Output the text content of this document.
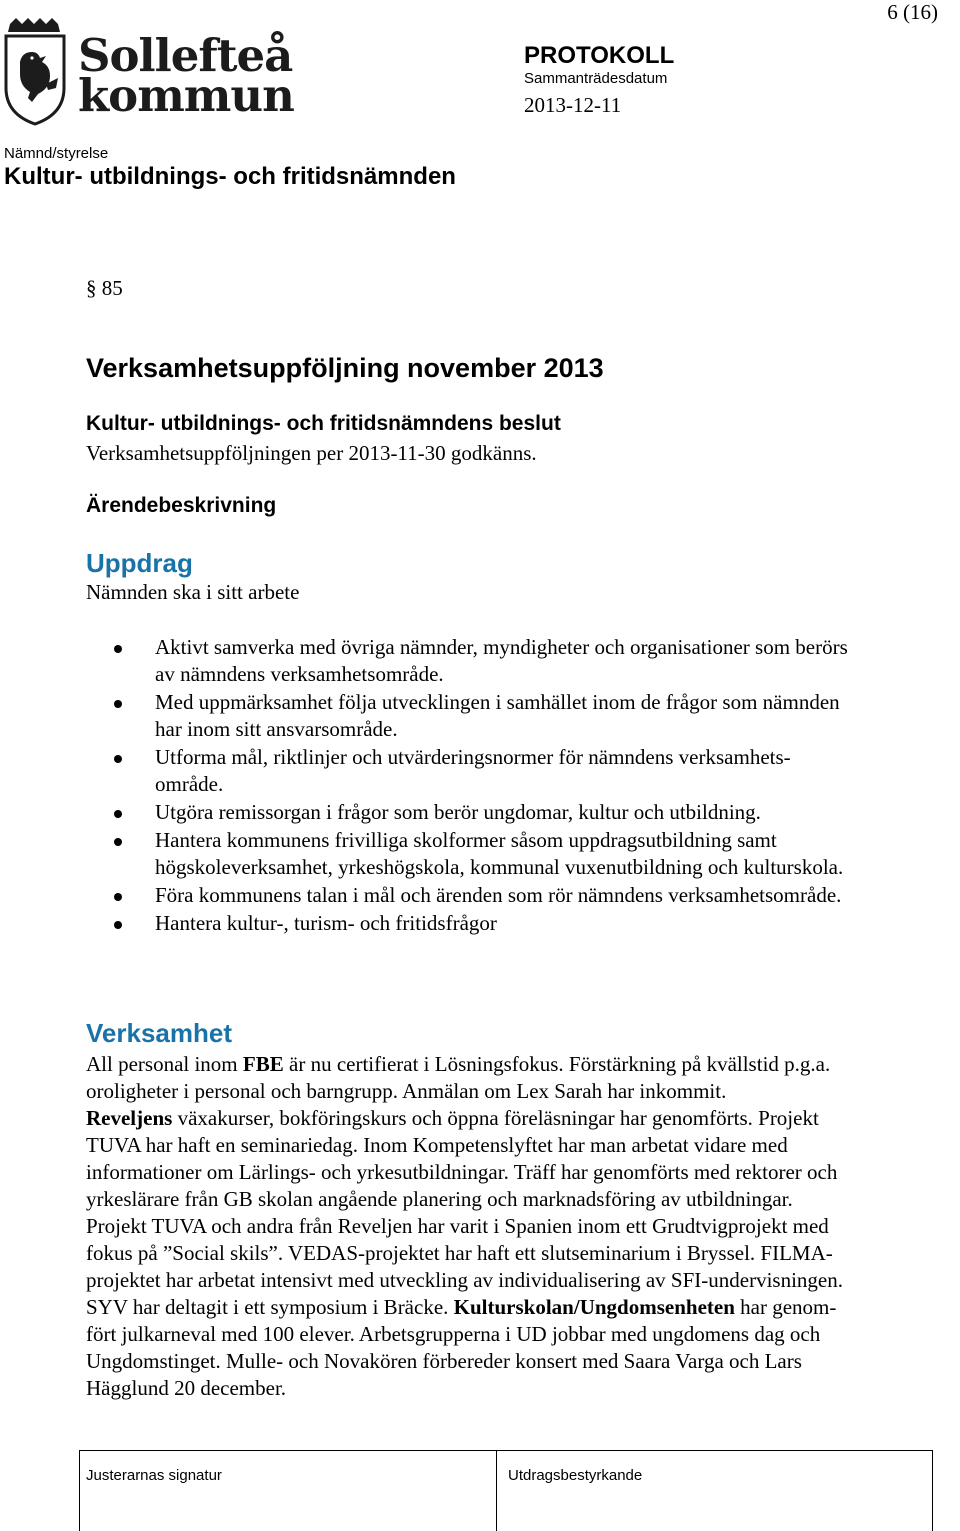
6 (16)
Sollefteå
kommun
PROTOKOLL
Sammanträdesdatum
2013-12-11
Nämnd/styrelse
Kultur- utbildnings- och fritidsnämnden
§ 85
Verksamhetsuppföljning november 2013
Kultur- utbildnings- och fritidsnämndens beslut
Verksamhetsuppföljningen per 2013-11-30 godkänns.
Ärendebeskrivning
Uppdrag
Nämnden ska i sitt arbete
Aktivt samverka med övriga nämnder, myndigheter och organisationer som berörs
av nämndens verksamhetsområde.
Med uppmärksamhet följa utvecklingen i samhället inom de frågor som nämnden
har inom sitt ansvarsområde.
Utforma mål, riktlinjer och utvärderingsnormer för nämndens verksamhets-
område.
Utgöra remissorgan i frågor som berör ungdomar, kultur och utbildning.
Hantera kommunens frivilliga skolformer såsom uppdragsutbildning samt
högskoleverksamhet, yrkeshögskola, kommunal vuxenutbildning och kulturskola.
Föra kommunens talan i mål och ärenden som rör nämndens verksamhetsområde.
Hantera kultur-, turism- och fritidsfrågor
Verksamhet

All personal inom FBE är nu certifierat i Lösningsfokus. Förstärkning på kvällstid p.g.a.

oroligheter i personal och barngrupp. Anmälan om Lex Sarah har inkommit.

Reveljens växakurser, bokföringskurs och öppna föreläsningar har genomförts. Projekt

TUVA har haft en seminariedag. Inom Kompetenslyftet har man arbetat vidare med

informationer om Lärlings- och yrkesutbildningar. Träff har genomförts med rektorer och

yrkeslärare från GB skolan angående planering och marknadsföring av utbildningar.

Projekt TUVA och andra från Reveljen har varit i Spanien inom ett Grudtvigprojekt med

fokus på ”Social skils”. VEDAS-projektet har haft ett slutseminarium i Bryssel. FILMA-

projektet har arbetat intensivt med utveckling av individualisering av SFI-undervisningen.

SYV har deltagit i ett symposium i Bräcke. Kulturskolan/Ungdomsenheten har genom-

fört julkarneval med 100 elever. Arbetsgrupperna i UD jobbar med ungdomens dag och

Ungdomstinget. Mulle- och Novakören förbereder konsert med Saara Varga och Lars

Hägglund 20 december.

Justerarnas signatur	Utdragsbestyrkande
